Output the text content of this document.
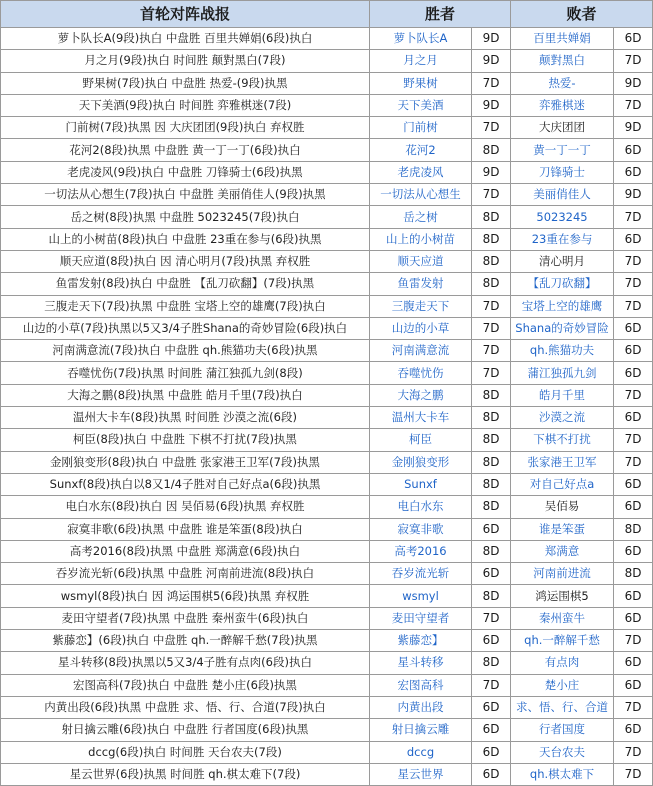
首轮对阵战报	胜者		败者	
萝卜队长A(9段)执白 中盘胜 百里共婵娟(6段)执白	萝卜队长A	9D	百里共婵娟	6D
月之月(9段)执白 时间胜 颠對黑白(7段)	月之月	9D	颠對黑白	7D
野果树(7段)执白 中盘胜 热爱-(9段)执黑	野果树	7D	热爱-	9D
天下美酒(9段)执白 时间胜 弈雅棋迷(7段)	天下美酒	9D	弈雅棋迷	7D
门前树(7段)执黑 因 大庆团团(9段)执白 弃权胜	门前树	7D	大庆团团	9D
花河2(8段)执黑 中盘胜 黄一丁一丁(6段)执白	花河2	8D	黄一丁一丁	6D
老虎凌风(9段)执白 中盘胜 刀锋骑士(6段)执黑	老虎凌风	9D	刀锋骑士	6D
一切法从心想生(7段)执白 中盘胜 美丽俏佳人(9段)执黑	一切法从心想生	7D	美丽俏佳人	9D
岳之树(8段)执黑 中盘胜 5023245(7段)执白	岳之树	8D	5023245	7D
山上的小树苗(8段)执白 中盘胜 23重在参与(6段)执黑	山上的小树苗	8D	23重在参与	6D
顺天应道(8段)执白 因 清心明月(7段)执黑 弃权胜	顺天应道	8D	清心明月	7D
鱼雷发射(8段)执白 中盘胜 【乱刀砍翻】(7段)执黑	鱼雷发射	8D	【乱刀砍翻】	7D
三腹走天下(7段)执黑 中盘胜 宝塔上空的雄鹰(7段)执白	三腹走天下	7D	宝塔上空的雄鹰	7D
山边的小草(7段)执黑以5又3/4子胜Shana的奇妙冒险(6段)执白	山边的小草	7D	Shana的奇妙冒险	6D
河南满意流(7段)执白 中盘胜 qh.熊猫功夫(6段)执黑	河南满意流	7D	qh.熊猫功夫	6D
吞噬忧伤(7段)执黑 时间胜 蒲江独孤九剑(8段)	吞噬忧伤	7D	蒲江独孤九剑	6D
大海之鹏(8段)执黑 中盘胜 皓月千里(7段)执白	大海之鹏	8D	皓月千里	7D
温州大卡车(8段)执黑 时间胜 沙漠之流(6段)	温州大卡车	8D	沙漠之流	6D
柯臣(8段)执白 中盘胜 下棋不打扰(7段)执黑	柯臣	8D	下棋不打扰	7D
金刚狼变形(8段)执白 中盘胜 张家港王卫军(7段)执黑	金刚狼变形	8D	张家港王卫军	7D
Sunxf(8段)执白以8又1/4子胜对自己好点a(6段)执黑	Sunxf	8D	对自己好点a	6D
电白水东(8段)执白 因 吴佰易(6段)执黑 弃权胜	电白水东	8D	吴佰易	6D
寂寞非歌(6段)执黑 中盘胜 谁是笨蛋(8段)执白	寂寞非歌	6D	谁是笨蛋	8D
高考2016(8段)执黑 中盘胜 郑满意(6段)执白	高考2016	8D	郑满意	6D
吞岁流光斩(6段)执黑 中盘胜 河南前进流(8段)执白	吞岁流光斩	6D	河南前进流	8D
wsmyl(8段)执白 因 鸿运围棋5(6段)执黑 弃权胜	wsmyl	8D	鸿运围棋5	6D
麦田守望者(7段)执黑 中盘胜 秦州蛮牛(6段)执白	麦田守望者	7D	秦州蛮牛	6D
紫藤恋】(6段)执白 中盘胜 qh.一醉解千愁(7段)执黑	紫藤恋】	6D	qh.一醉解千愁	7D
星斗转移(8段)执黑以5又3/4子胜有点肉(6段)执白	星斗转移	8D	有点肉	6D
宏图高科(7段)执白 中盘胜 楚小庄(6段)执黑	宏图高科	7D	楚小庄	6D
内黄出段(6段)执黑 中盘胜 求、悟、行、合道(7段)执白	内黄出段	6D	求、悟、行、合道	7D
射日擒云雕(6段)执白 中盘胜 行者国度(6段)执黑	射日擒云雕	6D	行者国度	6D
dccg(6段)执白 时间胜 天台农夫(7段)	dccg	6D	天台农夫	7D
星云世界(6段)执黑 时间胜 qh.棋太难下(7段)	星云世界	6D	qh.棋太难下	7D
